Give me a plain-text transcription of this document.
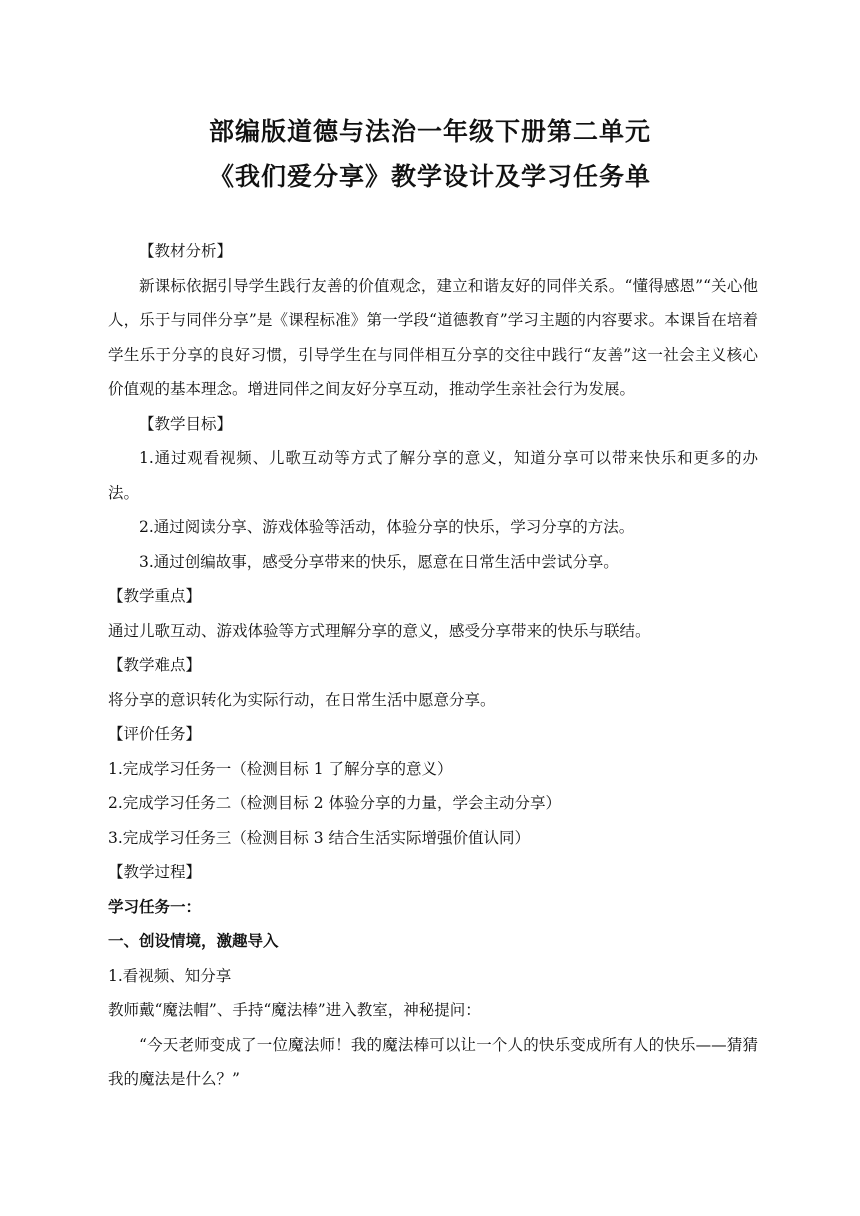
部编版道德与法治一年级下册第二单元
《我们爱分享》教学设计及学习任务单

【教材分析】

新课标依据引导学生践行友善的价值观念，建立和谐友好的同伴关系。“懂得感恩”“关心他人，乐于与同伴分享”是《课程标准》第一学段“道德教育”学习主题的内容要求。本课旨在培着学生乐于分享的良好习惯，引导学生在与同伴相互分享的交往中践行“友善”这一社会主义核心价值观的基本理念。增进同伴之间友好分享互动，推动学生亲社会行为发展。

【教学目标】

1.通过观看视频、儿歌互动等方式了解分享的意义，知道分享可以带来快乐和更多的办法。

2.通过阅读分享、游戏体验等活动，体验分享的快乐，学习分享的方法。

3.通过创编故事，感受分享带来的快乐，愿意在日常生活中尝试分享。

【教学重点】

通过儿歌互动、游戏体验等方式理解分享的意义，感受分享带来的快乐与联结。

【教学难点】

将分享的意识转化为实际行动，在日常生活中愿意分享。

【评价任务】

1.完成学习任务一（检测目标 1 了解分享的意义）

2.完成学习任务二（检测目标 2 体验分享的力量，学会主动分享）

3.完成学习任务三（检测目标 3 结合生活实际增强价值认同）

【教学过程】

学习任务一：

一、创设情境，激趣导入

1.看视频、知分享

教师戴“魔法帽”、手持“魔法棒”进入教室，神秘提问：

“今天老师变成了一位魔法师！我的魔法棒可以让一个人的快乐变成所有人的快乐——猜猜我的魔法是什么？”
